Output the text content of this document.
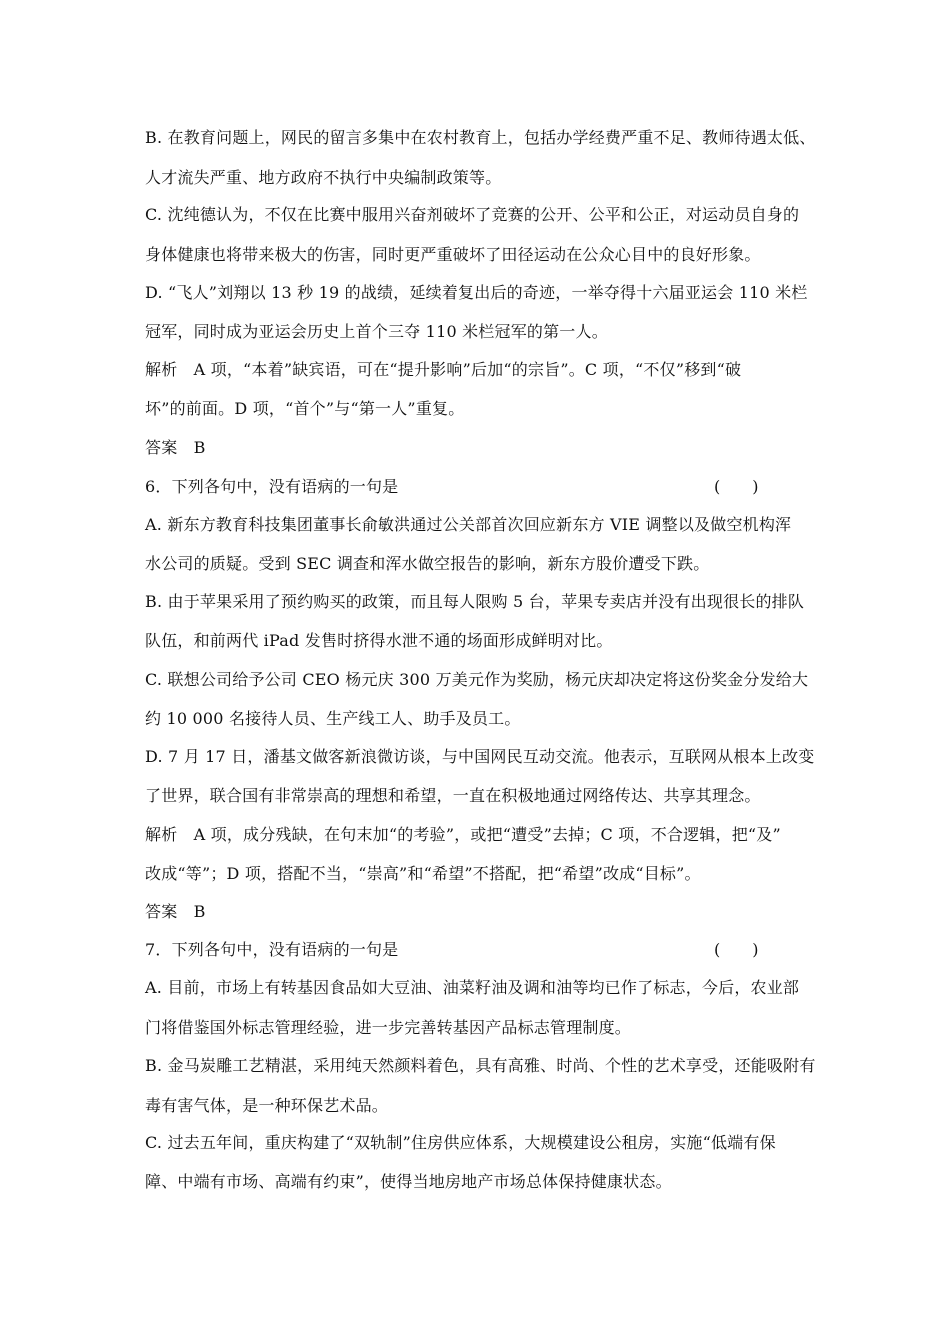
B. 在教育问题上，网民的留言多集中在农村教育上，包括办学经费严重不足、教师待遇太低、
人才流失严重、地方政府不执行中央编制政策等。
C. 沈纯德认为，不仅在比赛中服用兴奋剂破坏了竞赛的公开、公平和公正，对运动员自身的
身体健康也将带来极大的伤害，同时更严重破坏了田径运动在公众心目中的良好形象。
D. “飞人”刘翔以 13 秒 19 的战绩，延续着复出后的奇迹，一举夺得十六届亚运会 110 米栏
冠军，同时成为亚运会历史上首个三夺 110 米栏冠军的第一人。
解析　A 项，“本着”缺宾语，可在“提升影响”后加“的宗旨”。C 项，“不仅”移到“破
坏”的前面。D 项，“首个”与“第一人”重复。
答案　B
6．下列各句中，没有语病的一句是	(　　)
A. 新东方教育科技集团董事长俞敏洪通过公关部首次回应新东方 VIE 调整以及做空机构浑
水公司的质疑。受到 SEC 调查和浑水做空报告的影响，新东方股价遭受下跌。
B. 由于苹果采用了预约购买的政策，而且每人限购 5 台，苹果专卖店并没有出现很长的排队
队伍，和前两代 iPad 发售时挤得水泄不通的场面形成鲜明对比。
C. 联想公司给予公司 CEO 杨元庆 300 万美元作为奖励，杨元庆却决定将这份奖金分发给大
约 10 000 名接待人员、生产线工人、助手及员工。
D. 7 月 17 日，潘基文做客新浪微访谈，与中国网民互动交流。他表示，互联网从根本上改变
了世界，联合国有非常崇高的理想和希望，一直在积极地通过网络传达、共享其理念。
解析　A 项，成分残缺，在句末加“的考验”，或把“遭受”去掉；C 项，不合逻辑，把“及”
改成“等”；D 项，搭配不当，“崇高”和“希望”不搭配，把“希望”改成“目标”。
答案　B
7．下列各句中，没有语病的一句是	(　　)
A. 目前，市场上有转基因食品如大豆油、油菜籽油及调和油等均已作了标志，今后，农业部
门将借鉴国外标志管理经验，进一步完善转基因产品标志管理制度。
B. 金马炭雕工艺精湛，采用纯天然颜料着色，具有高雅、时尚、个性的艺术享受，还能吸附有
毒有害气体，是一种环保艺术品。
C. 过去五年间，重庆构建了“双轨制”住房供应体系，大规模建设公租房，实施“低端有保
障、中端有市场、高端有约束”，使得当地房地产市场总体保持健康状态。
